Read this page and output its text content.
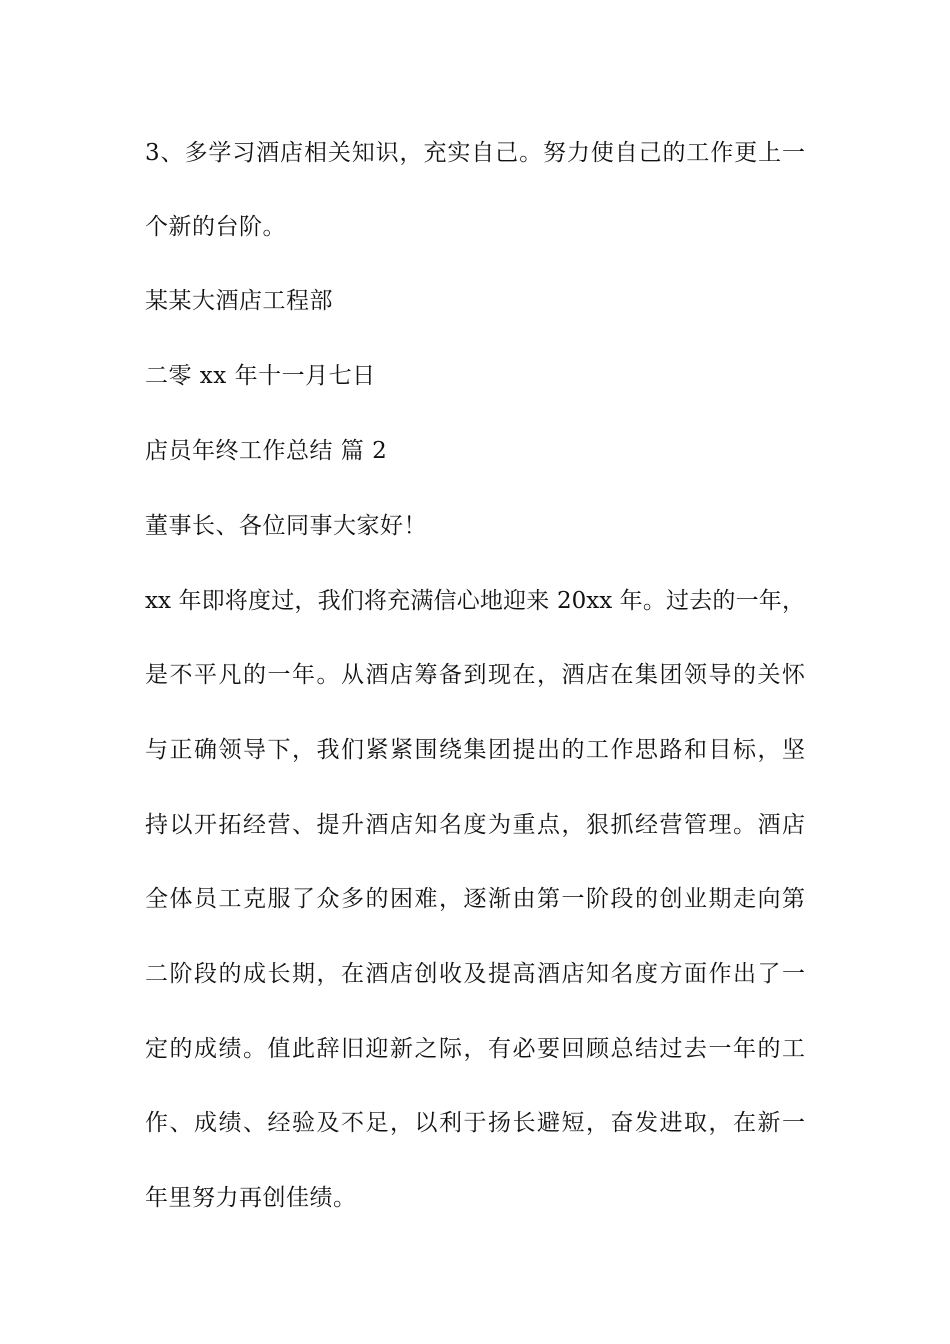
3、多学习酒店相关知识，充实自己。努力使自己的工作更上一
个新的台阶。
某某大酒店工程部
二零 xx 年十一月七日
店员年终工作总结 篇 2
董事长、各位同事大家好！
xx 年即将度过，我们将充满信心地迎来 20xx 年。过去的一年，
是不平凡的一年。从酒店筹备到现在，酒店在集团领导的关怀
与正确领导下，我们紧紧围绕集团提出的工作思路和目标，坚
持以开拓经营、提升酒店知名度为重点，狠抓经营管理。酒店
全体员工克服了众多的困难，逐渐由第一阶段的创业期走向第
二阶段的成长期，在酒店创收及提高酒店知名度方面作出了一
定的成绩。值此辞旧迎新之际，有必要回顾总结过去一年的工
作、成绩、经验及不足，以利于扬长避短，奋发进取，在新一
年里努力再创佳绩。
